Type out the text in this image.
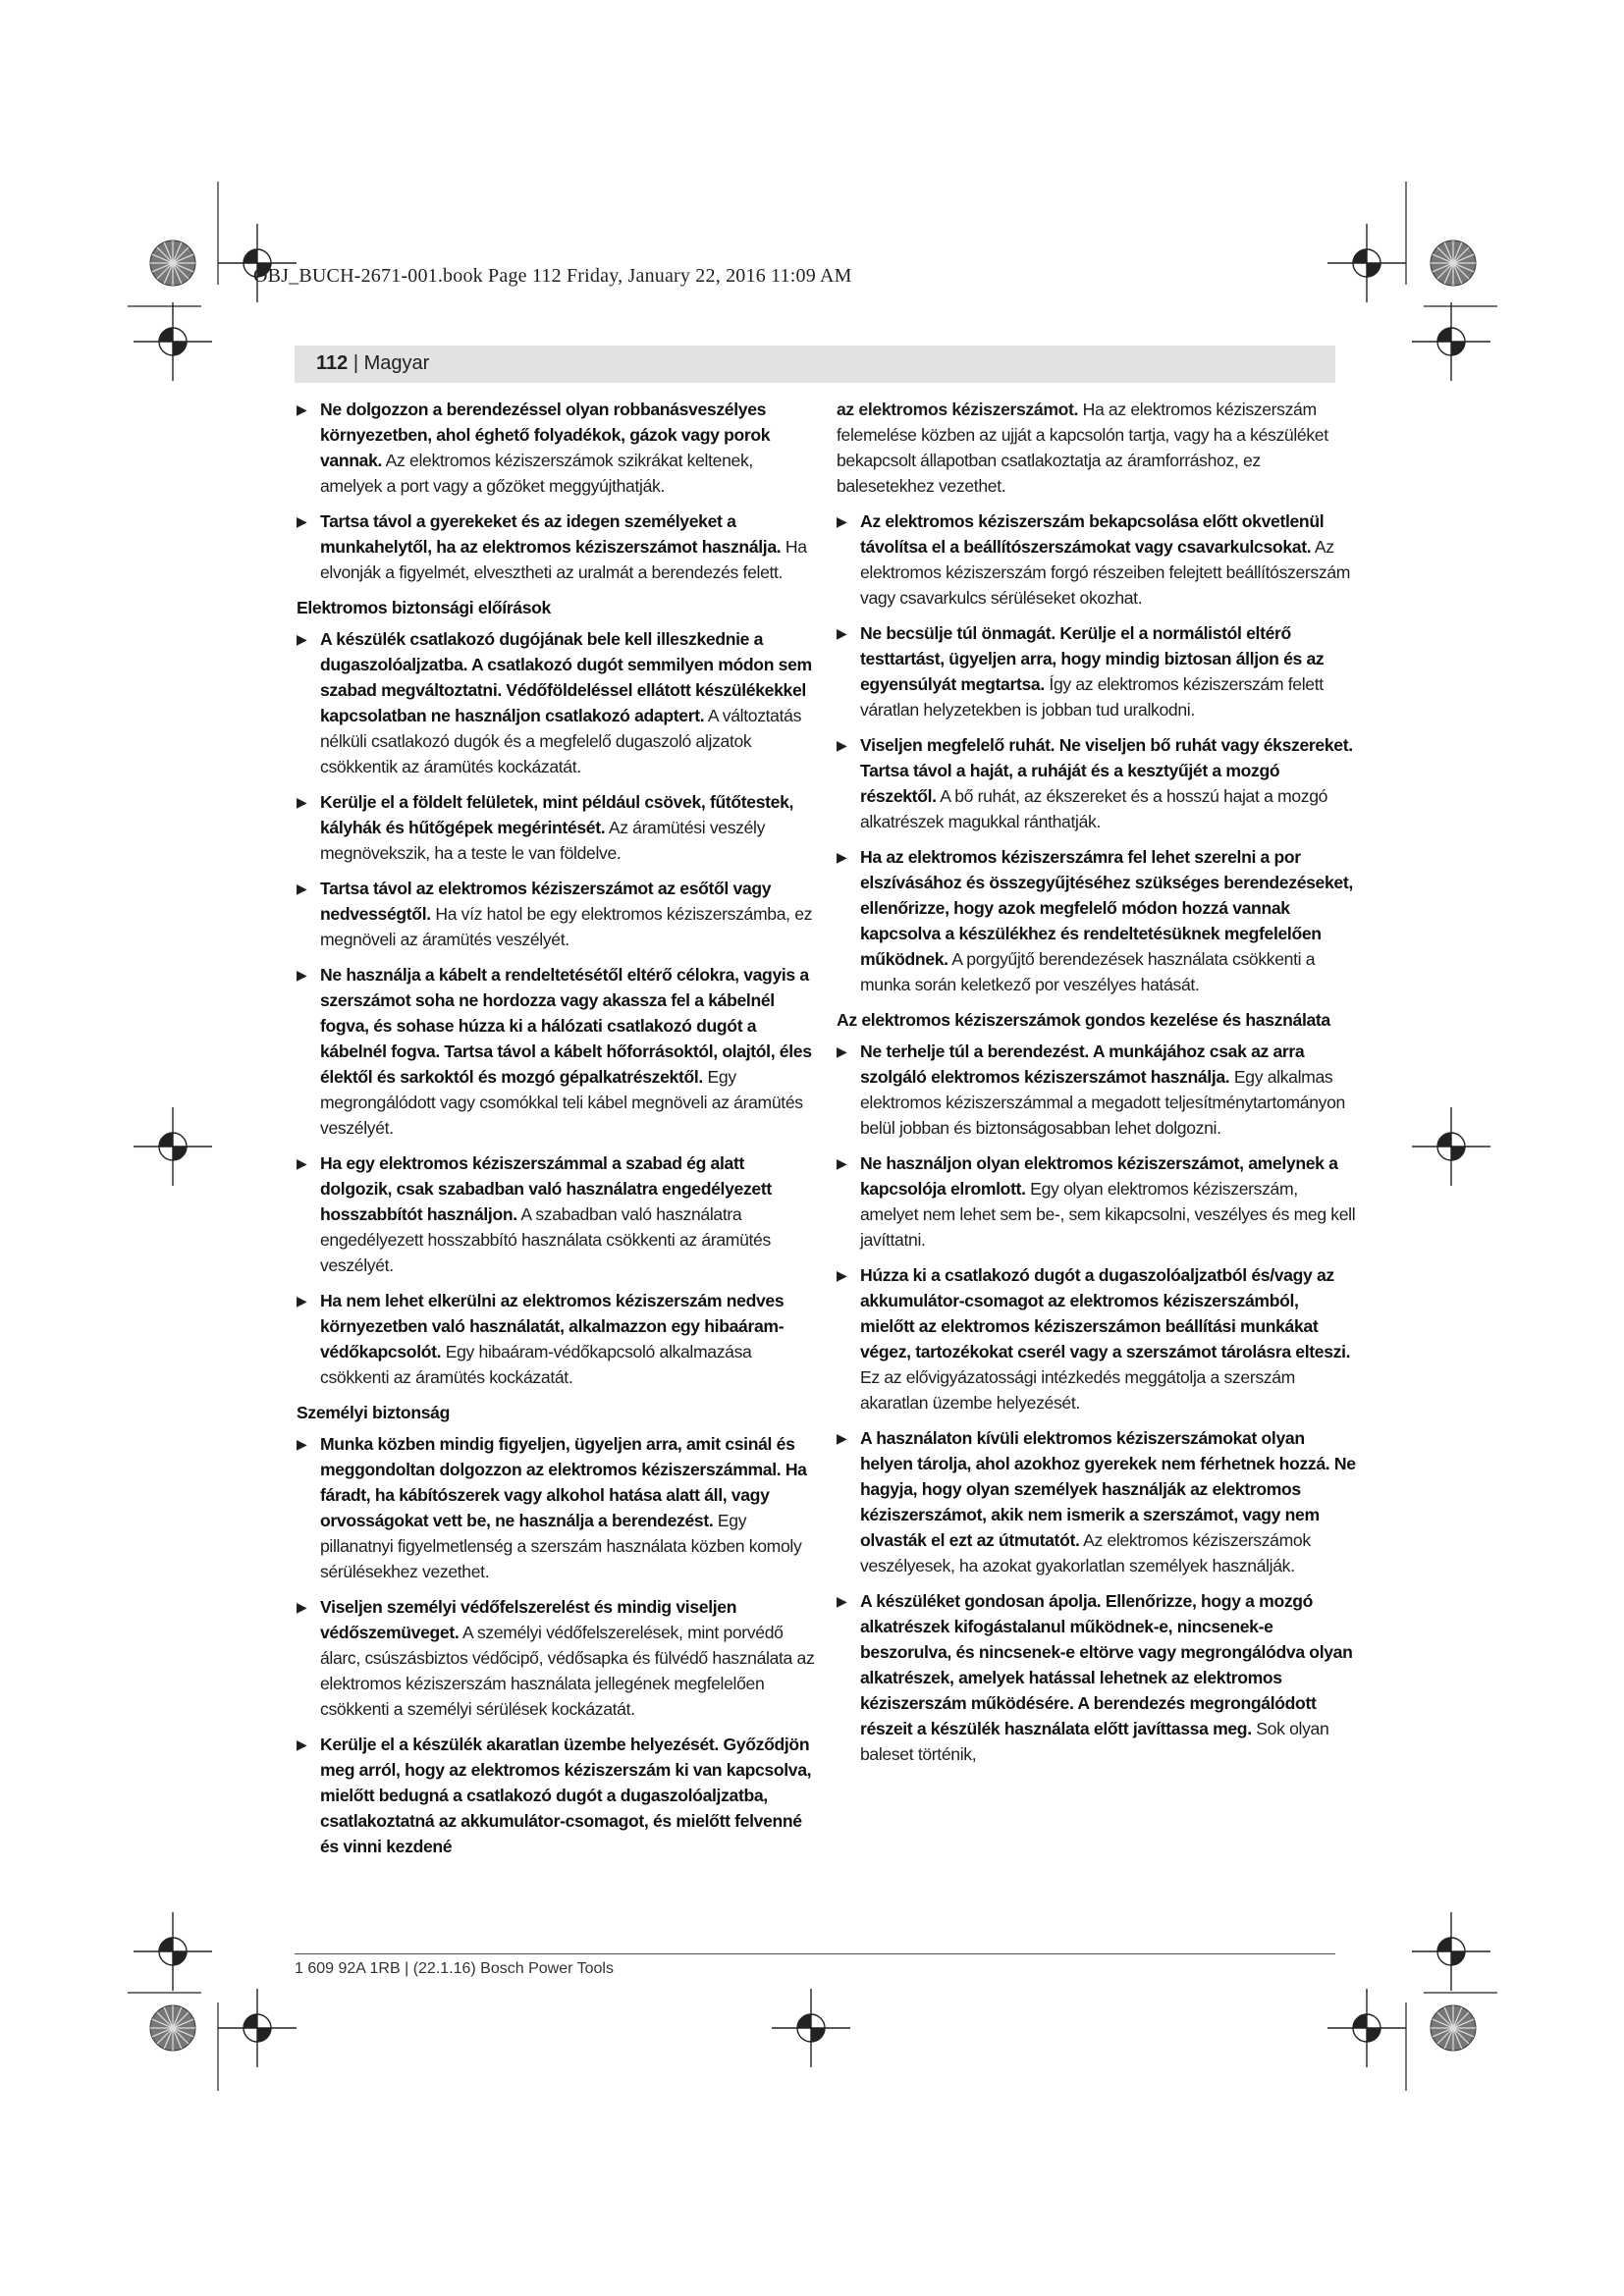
OBJ_BUCH-2671-001.book Page 112 Friday, January 22, 2016 11:09 AM
112 | Magyar
▶ Ne dolgozzon a berendezéssel olyan robbanásveszélyes környezetben, ahol éghető folyadékok, gázok vagy porok vannak. Az elektromos kéziszerszámok szikrákat keltenek, amelyek a port vagy a gőzöket meggyújthatják.
▶ Tartsa távol a gyerekeket és az idegen személyeket a munkahelytől, ha az elektromos kéziszerszámot használja. Ha elvonják a figyelmét, elvesztheti az uralmát a berendezés felett.
Elektromos biztonsági előírások
▶ A készülék csatlakozó dugójának bele kell illeszkednie a dugaszolóaljzatba. A csatlakozó dugót semmilyen módon sem szabad megváltoztatni. Védőföldeléssel ellátott készülékekkel kapcsolatban ne használjon csatlakozó adaptert. A változtatás nélküli csatlakozó dugók és a megfelelő dugaszoló aljzatok csökkentik az áramütés kockázatát.
▶ Kerülje el a földelt felületek, mint például csövek, fűtőtestek, kályhák és hűtőgépek megérintését. Az áramütési veszély megnövekszik, ha a teste le van földelve.
▶ Tartsa távol az elektromos kéziszerszámot az esőtől vagy nedvességtől. Ha víz hatol be egy elektromos kéziszerszámba, ez megnöveli az áramütés veszélyét.
▶ Ne használja a kábelt a rendeltetésétől eltérő célokra, vagyis a szerszámot soha ne hordozza vagy akassza fel a kábelnél fogva, és sohase húzza ki a hálózati csatlakozó dugót a kábelnél fogva. Tartsa távol a kábelt hőforrásoktól, olajtól, éles élektől és sarkoktól és mozgó gépalkatrészektől. Egy megrongálódott vagy csomókkal teli kábel megnöveli az áramütés veszélyét.
▶ Ha egy elektromos kéziszerszámmal a szabad ég alatt dolgozik, csak szabadban való használatra engedélyezett hosszabbítót használjon. A szabadban való használatra engedélyezett hosszabbító használata csökkenti az áramütés veszélyét.
▶ Ha nem lehet elkerülni az elektromos kéziszerszám nedves környezetben való használatát, alkalmazzon egy hibaáram-védőkapcsolót. Egy hibaáram-védőkapcsoló alkalmazása csökkenti az áramütés kockázatát.
Személyi biztonság
▶ Munka közben mindig figyeljen, ügyeljen arra, amit csinál és meggondoltan dolgozzon az elektromos kéziszerszámmal. Ha fáradt, ha kábítószerek vagy alkohol hatása alatt áll, vagy orvosságokat vett be, ne használja a berendezést. Egy pillanatnyi figyelmetlenség a szerszám használata közben komoly sérülésekhez vezethet.
▶ Viseljen személyi védőfelszerelést és mindig viseljen védőszemüveget. A személyi védőfelszerelések, mint porvédő álarc, csúszásbiztos védőcipő, védősapka és fülvédő használata az elektromos kéziszerszám használata jellegének megfelelően csökkenti a személyi sérülések kockázatát.
▶ Kerülje el a készülék akaratlan üzembe helyezését. Győződjön meg arról, hogy az elektromos kéziszerszám ki van kapcsolva, mielőtt bedugná a csatlakozó dugót a dugaszolóaljzatba, csatlakoztatná az akkumulátor-csomagot, és mielőtt felvenné és vinni kezdené
az elektromos kéziszerszámot. Ha az elektromos kéziszerszám felemelése közben az ujját a kapcsolón tartja, vagy ha a készüléket bekapcsolt állapotban csatlakoztatja az áramforráshoz, ez balesetekhez vezethet.
▶ Az elektromos kéziszerszám bekapcsolása előtt okvetlenül távolítsa el a beállítószerszámokat vagy csavarkulcsokat. Az elektromos kéziszerszám forgó részeiben felejtett beállítószerszám vagy csavarkulcs sérüléseket okozhat.
▶ Ne becsülje túl önmagát. Kerülje el a normálistól eltérő testtartást, ügyeljen arra, hogy mindig biztosan álljon és az egyensúlyát megtartsa. Így az elektromos kéziszerszám felett váratlan helyzetekben is jobban tud uralkodni.
▶ Viseljen megfelelő ruhát. Ne viseljen bő ruhát vagy ékszereket. Tartsa távol a haját, a ruháját és a kesztyűjét a mozgó részektől. A bő ruhát, az ékszereket és a hosszú hajat a mozgó alkatrészek magukkal ránthatják.
▶ Ha az elektromos kéziszerszámra fel lehet szerelni a por elszívásához és összegyűjtéséhez szükséges berendezéseket, ellenőrizze, hogy azok megfelelő módon hozzá vannak kapcsolva a készülékhez és rendeltetésüknek megfelelően működnek. A porgyűjtő berendezések használata csökkenti a munka során keletkező por veszélyes hatását.
Az elektromos kéziszerszámok gondos kezelése és használata
▶ Ne terhelje túl a berendezést. A munkájához csak az arra szolgáló elektromos kéziszerszámot használja. Egy alkalmas elektromos kéziszerszámmal a megadott teljesítménytartományon belül jobban és biztonságosabban lehet dolgozni.
▶ Ne használjon olyan elektromos kéziszerszámot, amelynek a kapcsolója elromlott. Egy olyan elektromos kéziszerszám, amelyet nem lehet sem be-, sem kikapcsolni, veszélyes és meg kell javíttatni.
▶ Húzza ki a csatlakozó dugót a dugaszolóaljzatból és/vagy az akkumulátor-csomagot az elektromos kéziszerszámból, mielőtt az elektromos kéziszerszámon beállítási munkákat végez, tartozékokat cserél vagy a szerszámot tárolásra elteszi. Ez az elővigyázatossági intézkedés meggátolja a szerszám akaratlan üzembe helyezését.
▶ A használaton kívüli elektromos kéziszerszámokat olyan helyen tárolja, ahol azokhoz gyerekek nem férhetnek hozzá. Ne hagyja, hogy olyan személyek használják az elektromos kéziszerszámot, akik nem ismerik a szerszámot, vagy nem olvasták el ezt az útmutatót. Az elektromos kéziszerszámok veszélyesek, ha azokat gyakorlatlan személyek használják.
▶ A készüléket gondosan ápolja. Ellenőrizze, hogy a mozgó alkatrészek kifogástalanul működnek-e, nincsenek-e beszorulva, és nincsenek-e eltörve vagy megrongálódva olyan alkatrészek, amelyek hatással lehetnek az elektromos kéziszerszám működésére. A berendezés megrongálódott részeit a készülék használata előtt javíttassa meg. Sok olyan baleset történik,
1 609 92A 1RB | (22.1.16) Bosch Power Tools
